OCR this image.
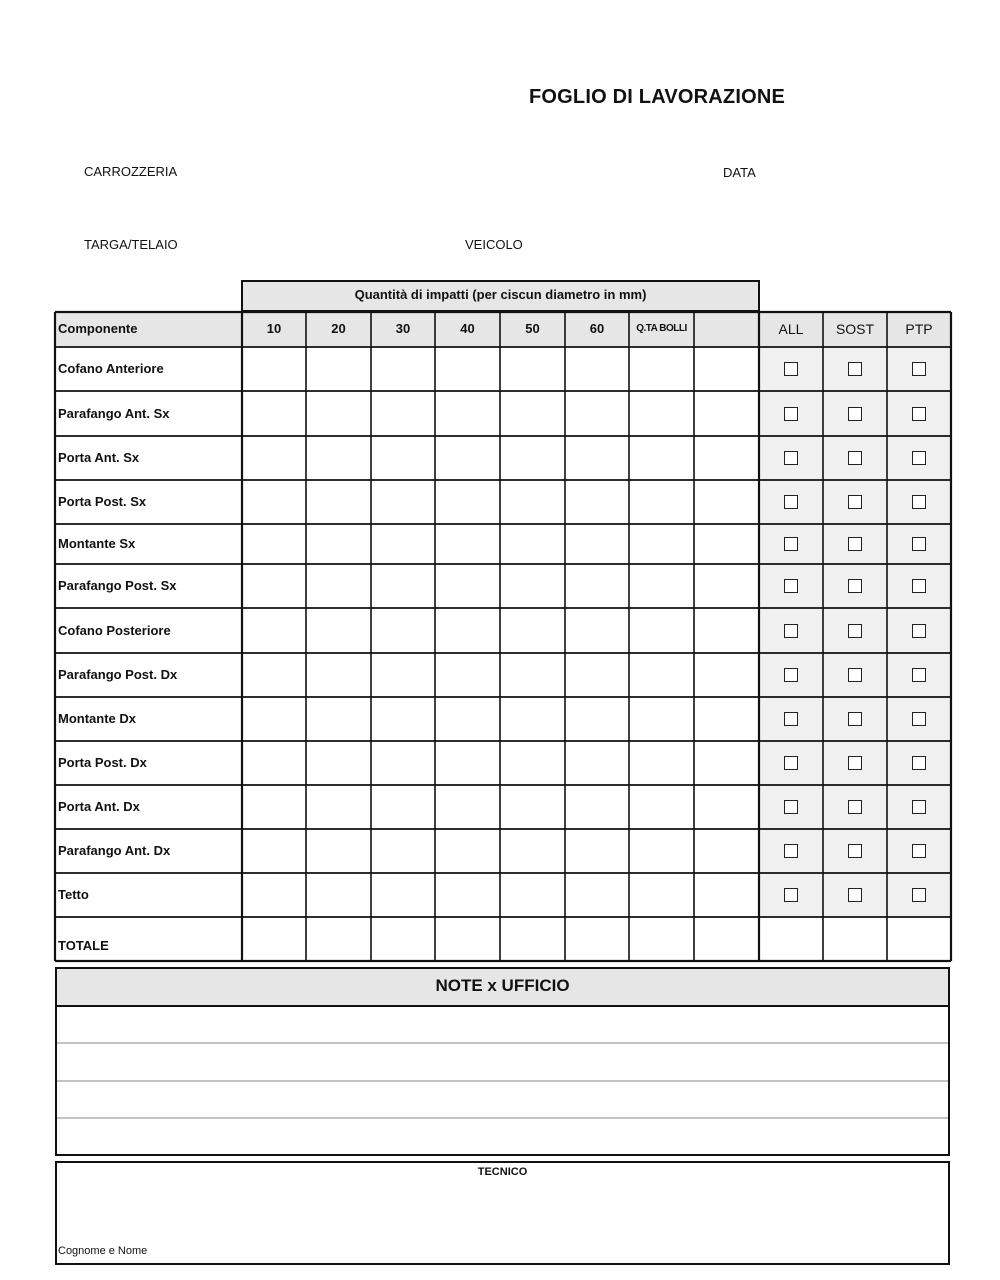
FOGLIO DI LAVORAZIONE
CARROZZERIA	DATA
TARGA/TELAIO	VEICOLO
Quantità di impatti (per ciscun diametro in mm)
Componente	10	20	30	40	50	60	Q.TA BOLLI	ALL	SOST	PTP
Cofano Anteriore
Parafango Ant. Sx
Porta Ant. Sx
Porta Post. Sx
Montante Sx
Parafango Post. Sx
Cofano Posteriore
Parafango Post. Dx
Montante Dx
Porta Post. Dx
Porta Ant. Dx
Parafango Ant. Dx
Tetto
TOTALE
NOTE x UFFICIO
TECNICO
Cognome e Nome
